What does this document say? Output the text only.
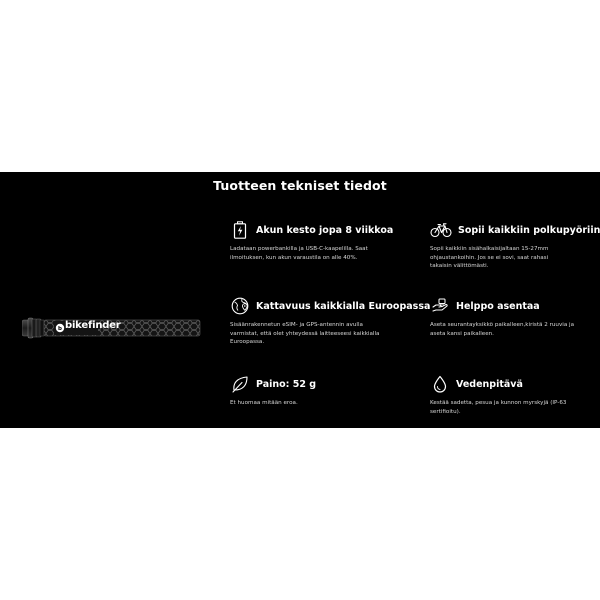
Tuotteen tekniset tiedot
b bikefinder
Akun kesto jopa 8 viikkoa
Ladataan powerbankilla ja USB-C-kaapelilla. Saat ilmoituksen, kun akun varaustila on alle 40%.
Sopii kaikkiin polkupyöriin
Sopii kaikkiin sisähalkaisijaltaan 15-27mm ohjaustankoihin. Jos se ei sovi, saat rahasi takaisin välittömästi.
Kattavuus kaikkialla Euroopassa
Sisäänrakennetun eSIM- ja GPS-antennin avulla varmistat, että olet yhteydessä laitteeseesi kaikkialla Euroopassa.
Helppo asentaa
Aseta seurantayksikkö paikalleen,kiristä 2 ruuvia ja aseta kansi paikalleen.
Paino: 52 g
Et huomaa mitään eroa.
Vedenpitävä
Kestää sadetta, pesua ja kunnon myrskyjä (IP-63 sertifioitu).
